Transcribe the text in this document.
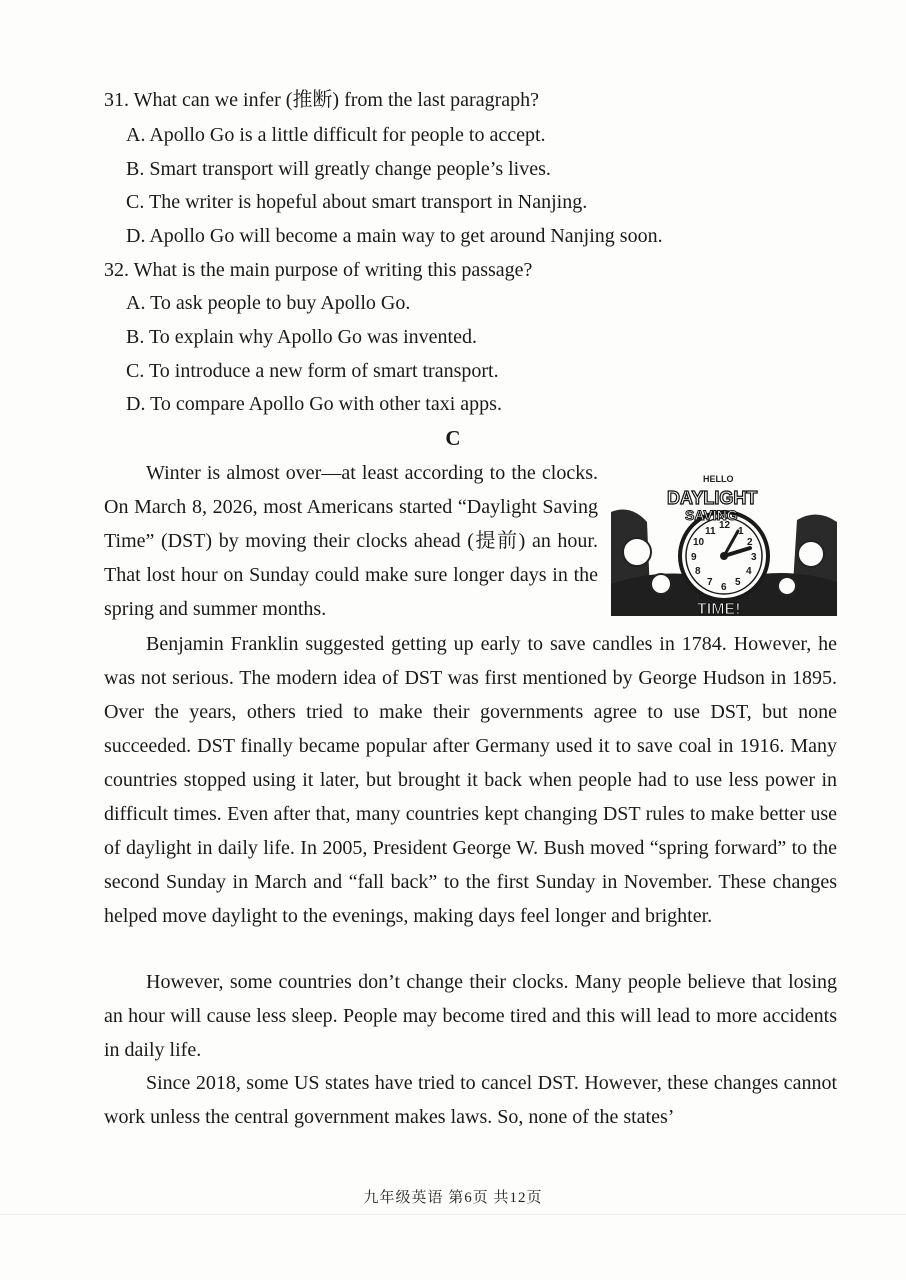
31. What can we infer (推断) from the last paragraph?
A. Apollo Go is a little difficult for people to accept.
B. Smart transport will greatly change people’s lives.
C. The writer is hopeful about smart transport in Nanjing.
D. Apollo Go will become a main way to get around Nanjing soon.
32. What is the main purpose of writing this passage?
A. To ask people to buy Apollo Go.
B. To explain why Apollo Go was invented.
C. To introduce a new form of smart transport.
D. To compare Apollo Go with other taxi apps.
C

Winter is almost over—at least according to the clocks. On March 8, 2026, most Americans started “Daylight Saving Time” (DST) by moving their clocks ahead (提前) an hour. That lost hour on Sunday could make sure longer days in the spring and summer months.

12
1
2
3
4
5
6
7
8
9
10
11
HELLO
DAYLIGHT
SAVING
TIME!

Benjamin Franklin suggested getting up early to save candles in 1784. However, he was not serious. The modern idea of DST was first mentioned by George Hudson in 1895. Over the years, others tried to make their governments agree to use DST, but none succeeded. DST finally became popular after Germany used it to save coal in 1916. Many countries stopped using it later, but brought it back when people had to use less power in difficult times. Even after that, many countries kept changing DST rules to make better use of daylight in daily life. In 2005, President George W. Bush moved “spring forward” to the second Sunday in March and “fall back” to the first Sunday in November. These changes helped move daylight to the evenings, making days feel longer and brighter.

However, some countries don’t change their clocks. Many people believe that losing an hour will cause less sleep. People may become tired and this will lead to more accidents in daily life.

Since 2018, some US states have tried to cancel DST. However, these changes cannot work unless the central government makes laws. So, none of the states’

九年级英语 第6页 共12页
